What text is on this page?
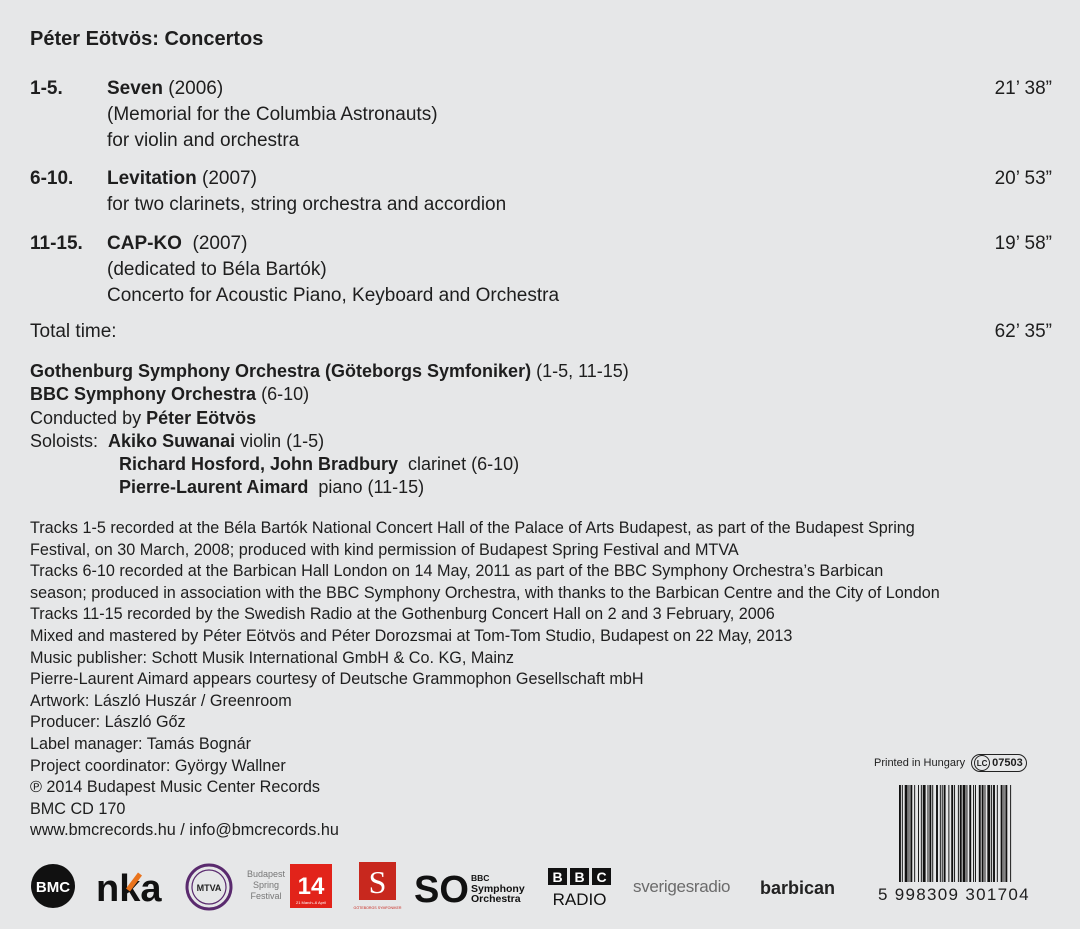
Péter Eötvös: Concertos
1-5. Seven (2006)
(Memorial for the Columbia Astronauts)
for violin and orchestra
21’ 38”
6-10. Levitation (2007)
for two clarinets, string orchestra and accordion
20’ 53”
11-15. CAP-KO (2007)
(dedicated to Béla Bartók)
Concerto for Acoustic Piano, Keyboard and Orchestra
19’ 58”
Total time:	62’ 35”
Gothenburg Symphony Orchestra (Göteborgs Symfoniker) (1-5, 11-15)
BBC Symphony Orchestra (6-10)
Conducted by Péter Eötvös
Soloists: Akiko Suwanai violin (1-5)
Richard Hosford, John Bradbury clarinet (6-10)
Pierre-Laurent Aimard piano (11-15)
Tracks 1-5 recorded at the Béla Bartók National Concert Hall of the Palace of Arts Budapest, as part of the Budapest Spring
Festival, on 30 March, 2008; produced with kind permission of Budapest Spring Festival and MTVA
Tracks 6-10 recorded at the Barbican Hall London on 14 May, 2011 as part of the BBC Symphony Orchestra’s Barbican
season; produced in association with the BBC Symphony Orchestra, with thanks to the Barbican Centre and the City of London
Tracks 11-15 recorded by the Swedish Radio at the Gothenburg Concert Hall on 2 and 3 February, 2006
Mixed and mastered by Péter Eötvös and Péter Dorozsmai at Tom-Tom Studio, Budapest on 22 May, 2013
Music publisher: Schott Musik International GmbH & Co. KG, Mainz
Pierre-Laurent Aimard appears courtesy of Deutsche Grammophon Gesellschaft mbH
Artwork: László Huszár / Greenroom
Producer: László Gőz
Label manager: Tamás Bognár
Project coordinator: György Wallner
℗ 2014 Budapest Music Center Records
BMC CD 170
www.bmcrecords.hu / info@bmcrecords.hu
Printed in Hungary	LC 07503
5 998309 301704
BMC nka	MTVA
Budapest
Spring
Festival 14
21 March–6 April
S
GÖTEBORGS SYMFONIKER SO BBC
Symphony
Orchestra
B B C
RADIO
sverigesradio barbican
